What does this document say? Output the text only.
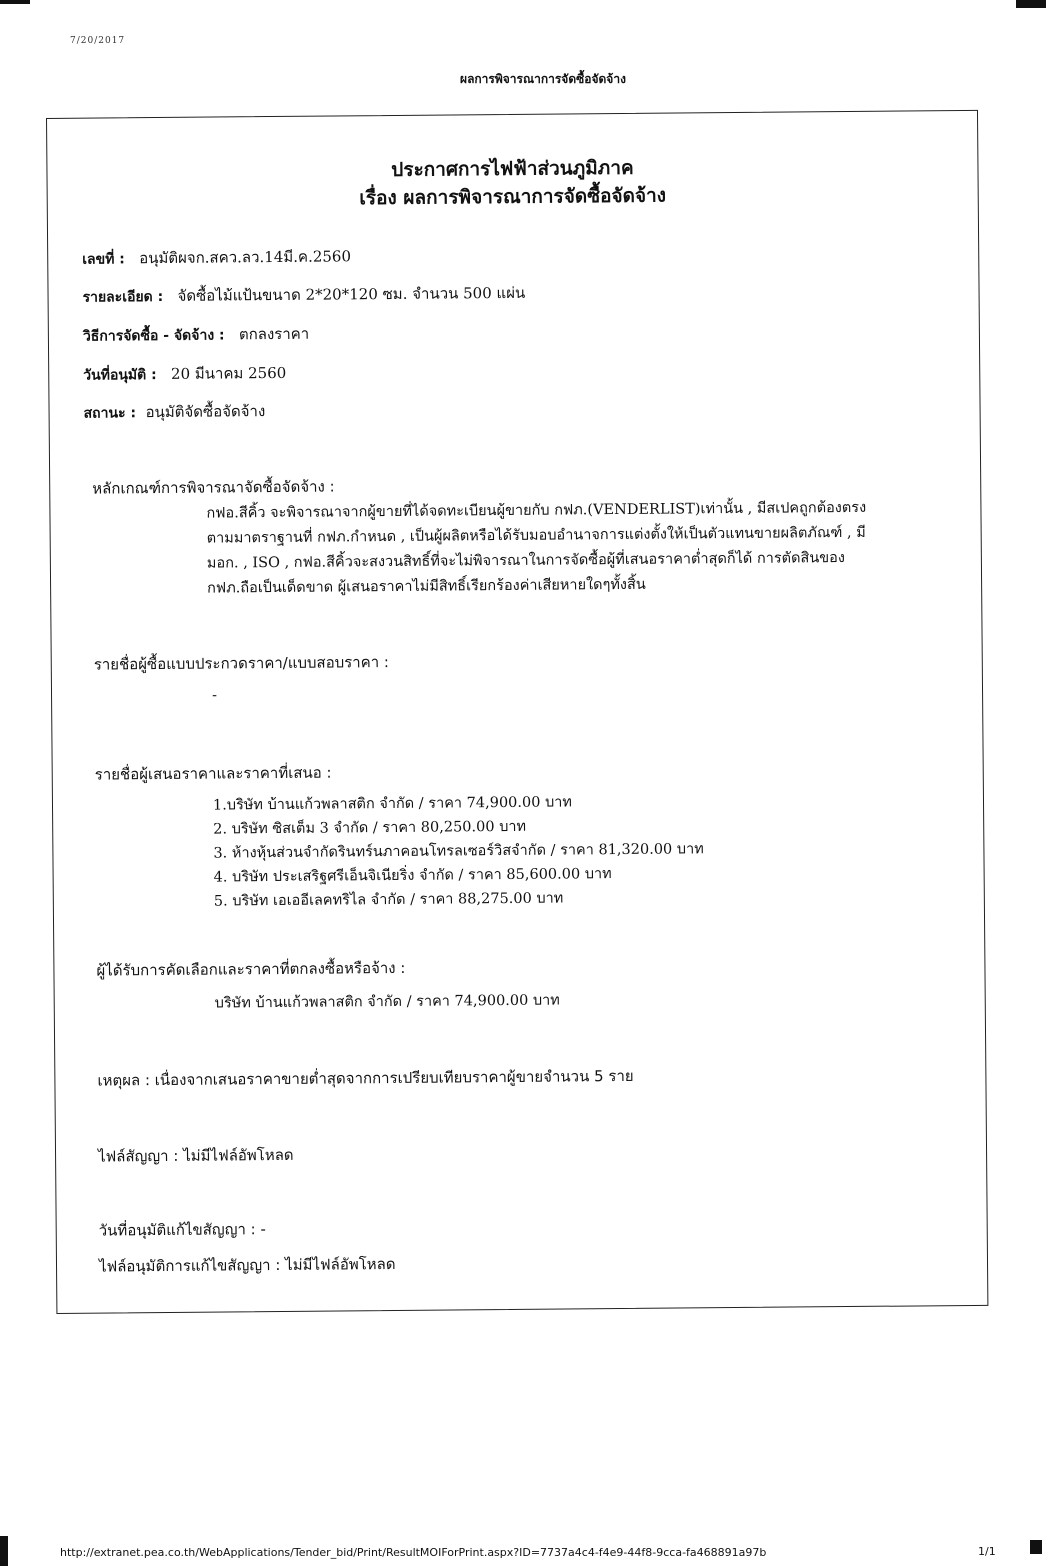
7/20/2017
ผลการพิจารณาการจัดซื้อจัดจ้าง
ประกาศการไฟฟ้าส่วนภูมิภาค
เรื่อง ผลการพิจารณาการจัดซื้อจัดจ้าง
เลขที่ : อนุมัติผจก.สคว.ลว.14มี.ค.2560
รายละเอียด : จัดซื้อไม้แป้นขนาด 2*20*120 ซม. จำนวน 500 แผ่น
วิธีการจัดซื้อ - จัดจ้าง : ตกลงราคา
วันที่อนุมัติ : 20 มีนาคม 2560
สถานะ : อนุมัติจัดซื้อจัดจ้าง
หลักเกณฑ์การพิจารณาจัดซื้อจัดจ้าง :
กฟอ.สีคิ้ว จะพิจารณาจากผู้ขายที่ได้จดทะเบียนผู้ขายกับ กฟภ.(VENDERLIST)เท่านั้น , มีสเปคถูกต้องตรง
ตามมาตราฐานที่ กฟภ.กำหนด , เป็นผู้ผลิตหรือได้รับมอบอำนาจการแต่งตั้งให้เป็นตัวแทนขายผลิตภัณฑ์ , มี
มอก. , ISO , กฟอ.สีคิ้วจะสงวนสิทธิ์ที่จะไม่พิจารณาในการจัดซื้อผู้ที่เสนอราคาต่ำสุดก็ได้ การตัดสินของ
กฟภ.ถือเป็นเด็ดขาด ผู้เสนอราคาไม่มีสิทธิ์เรียกร้องค่าเสียหายใดๆทั้งสิ้น
รายชื่อผู้ซื้อแบบประกวดราคา/แบบสอบราคา :
-
รายชื่อผู้เสนอราคาและราคาที่เสนอ :
1.บริษัท บ้านแก้วพลาสติก จำกัด / ราคา 74,900.00 บาท
2. บริษัท ซิสเต็ม 3 จำกัด / ราคา 80,250.00 บาท
3. ห้างหุ้นส่วนจำกัดรินทร์นภาคอนโทรลเซอร์วิสจำกัด / ราคา 81,320.00 บาท
4. บริษัท ประเสริฐศรีเอ็นจิเนียริ่ง จำกัด / ราคา 85,600.00 บาท
5. บริษัท เอเออีเลคทริไล จำกัด / ราคา 88,275.00 บาท
ผู้ได้รับการคัดเลือกและราคาที่ตกลงซื้อหรือจ้าง :
บริษัท บ้านแก้วพลาสติก จำกัด / ราคา 74,900.00 บาท
เหตุผล : เนื่องจากเสนอราคาขายต่ำสุดจากการเปรียบเทียบราคาผู้ขายจำนวน 5 ราย
ไฟล์สัญญา : ไม่มีไฟล์อัพโหลด
วันที่อนุมัติแก้ไขสัญญา : -
ไฟล์อนุมัติการแก้ไขสัญญา : ไม่มีไฟล์อัพโหลด
http://extranet.pea.co.th/WebApplications/Tender_bid/Print/ResultMOIForPrint.aspx?ID=7737a4c4-f4e9-44f8-9cca-fa468891a97b	1/1
